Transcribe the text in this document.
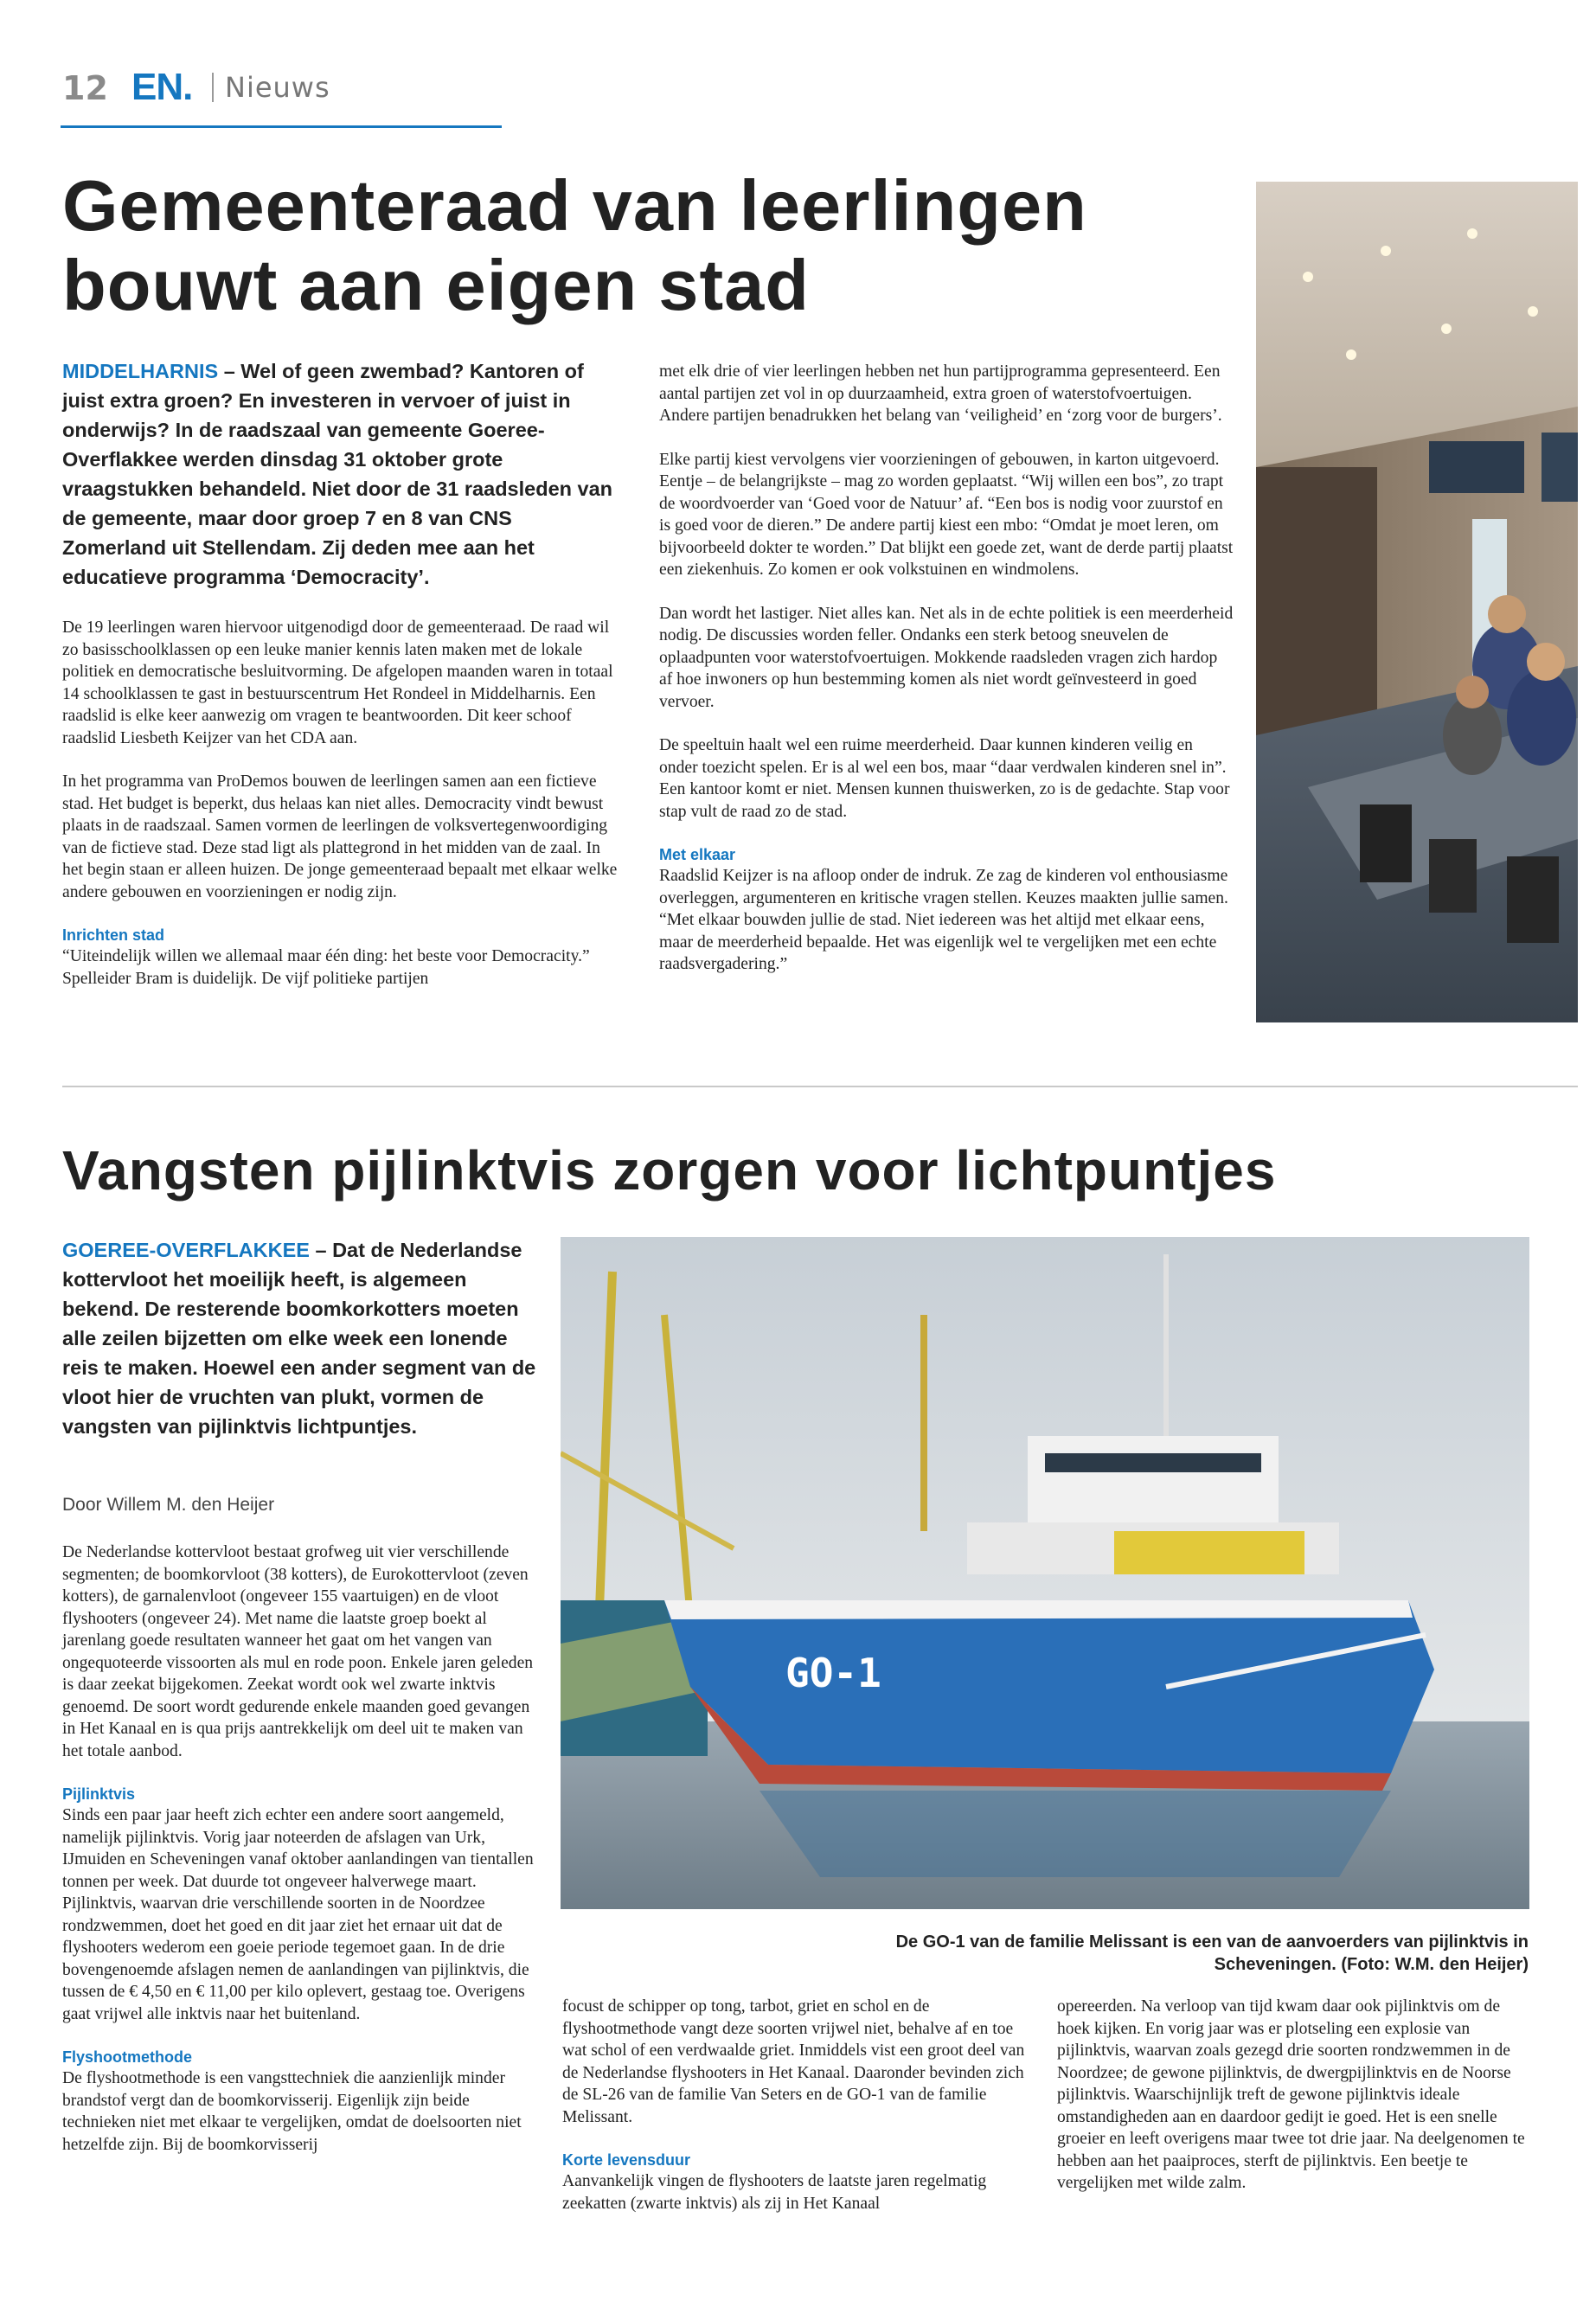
12 EN. Nieuws
Gemeenteraad van leerlingen
bouwt aan eigen stad
MIDDELHARNIS – Wel of geen zwembad? Kantoren of juist extra groen? En investeren in vervoer of juist in onderwijs? In de raadszaal van gemeente Goeree-Overflakkee werden dinsdag 31 oktober grote vraagstukken behandeld. Niet door de 31 raadsleden van de gemeente, maar door groep 7 en 8 van CNS Zomerland uit Stellendam. Zij deden mee aan het educatieve programma ‘Democracity’.

De 19 leerlingen waren hiervoor uitgenodigd door de gemeenteraad. De raad wil zo basisschoolklassen op een leuke manier kennis laten maken met de lokale politiek en democratische besluitvorming. De afgelopen maanden waren in totaal 14 schoolklassen te gast in bestuurscentrum Het Rondeel in Middelharnis. Een raadslid is elke keer aanwezig om vragen te beantwoorden. Dit keer schoof raadslid Liesbeth Keijzer van het CDA aan.

In het programma van ProDemos bouwen de leerlingen samen aan een fictieve stad. Het budget is beperkt, dus helaas kan niet alles. Democracity vindt bewust plaats in de raadszaal. Samen vormen de leerlingen de volksvertegenwoordiging van de fictieve stad. Deze stad ligt als plattegrond in het midden van de zaal. In het begin staan er alleen huizen. De jonge gemeenteraad bepaalt met elkaar welke andere gebouwen en voorzieningen er nodig zijn.

Inrichten stad

“Uiteindelijk willen we allemaal maar één ding: het beste voor Democracity.” Spelleider Bram is duidelijk. De vijf politieke partijen

met elk drie of vier leerlingen hebben net hun partijprogramma gepresenteerd. Een aantal partijen zet vol in op duurzaamheid, extra groen of waterstofvoertuigen. Andere partijen benadrukken het belang van ‘veiligheid’ en ‘zorg voor de burgers’.

Elke partij kiest vervolgens vier voorzieningen of gebouwen, in karton uitgevoerd. Eentje – de belangrijkste – mag zo worden geplaatst. “Wij willen een bos”, zo trapt de woordvoerder van ‘Goed voor de Natuur’ af. “Een bos is nodig voor zuurstof en is goed voor de dieren.” De andere partij kiest een mbo: “Omdat je moet leren, om bijvoorbeeld dokter te worden.” Dat blijkt een goede zet, want de derde partij plaatst een ziekenhuis. Zo komen er ook volkstuinen en windmolens.

Dan wordt het lastiger. Niet alles kan. Net als in de echte politiek is een meerderheid nodig. De discussies worden feller. Ondanks een sterk betoog sneuvelen de oplaadpunten voor waterstofvoertuigen. Mokkende raadsleden vragen zich hardop af hoe inwoners op hun bestemming komen als niet wordt geïnvesteerd in goed vervoer.

De speeltuin haalt wel een ruime meerderheid. Daar kunnen kinderen veilig en onder toezicht spelen. Er is al wel een bos, maar “daar verdwalen kinderen snel in”. Een kantoor komt er niet. Mensen kunnen thuiswerken, zo is de gedachte. Stap voor stap vult de raad zo de stad.

Met elkaar

Raadslid Keijzer is na afloop onder de indruk. Ze zag de kinderen vol enthousiasme overleggen, argumenteren en kritische vragen stellen. Keuzes maakten jullie samen. “Met elkaar bouwden jullie de stad. Niet iedereen was het altijd met elkaar eens, maar de meerderheid bepaalde. Het was eigenlijk wel te vergelijken met een echte raadsvergadering.”

Vangsten pijlinktvis zorgen voor lichtpuntjes
GOEREE-OVERFLAKKEE – Dat de Nederlandse kottervloot het moeilijk heeft, is algemeen bekend. De resterende boomkorkotters moeten alle zeilen bijzetten om elke week een lonende reis te maken. Hoewel een ander segment van de vloot hier de vruchten van plukt, vormen de vangsten van pijlinktvis lichtpuntjes.
Door Willem M. den Heijer

De Nederlandse kottervloot bestaat grofweg uit vier verschillende segmenten; de boomkorvloot (38 kotters), de Eurokottervloot (zeven kotters), de garnalenvloot (ongeveer 155 vaartuigen) en de vloot flyshooters (ongeveer 24). Met name die laatste groep boekt al jarenlang goede resultaten wanneer het gaat om het vangen van ongequoteerde vissoorten als mul en rode poon. Enkele jaren geleden is daar zeekat bijgekomen. Zeekat wordt ook wel zwarte inktvis genoemd. De soort wordt gedurende enkele maanden goed gevangen in Het Kanaal en is qua prijs aantrekkelijk om deel uit te maken van het totale aanbod.

Pijlinktvis

Sinds een paar jaar heeft zich echter een andere soort aangemeld, namelijk pijlinktvis. Vorig jaar noteerden de afslagen van Urk, IJmuiden en Scheveningen vanaf oktober aanlandingen van tientallen tonnen per week. Dat duurde tot ongeveer halverwege maart. Pijlinktvis, waarvan drie verschillende soorten in de Noordzee rondzwemmen, doet het goed en dit jaar ziet het ernaar uit dat de flyshooters wederom een goeie periode tegemoet gaan. In de drie bovengenoemde afslagen nemen de aanlandingen van pijlinktvis, die tussen de € 4,50 en € 11,00 per kilo oplevert, gestaag toe. Overigens gaat vrijwel alle inktvis naar het buitenland.

Flyshootmethode

De flyshootmethode is een vangsttechniek die aanzienlijk minder brandstof vergt dan de boomkorvisserij. Eigenlijk zijn beide technieken niet met elkaar te vergelijken, omdat de doelsoorten niet hetzelfde zijn. Bij de boomkorvisserij

GO-1
De GO-1 van de familie Melissant is een van de aanvoerders van pijlinktvis in Scheveningen. (Foto: W.M. den Heijer)

focust de schipper op tong, tarbot, griet en schol en de flyshootmethode vangt deze soorten vrijwel niet, behalve af en toe wat schol of een verdwaalde griet. Inmiddels vist een groot deel van de Nederlandse flyshooters in Het Kanaal. Daaronder bevinden zich de SL-26 van de familie Van Seters en de GO-1 van de familie Melissant.

Korte levensduur

Aanvankelijk vingen de flyshooters de laatste jaren regelmatig zeekatten (zwarte inktvis) als zij in Het Kanaal

opereerden. Na verloop van tijd kwam daar ook pijlinktvis om de hoek kijken. En vorig jaar was er plotseling een explosie van pijlinktvis, waarvan zoals gezegd drie soorten rondzwemmen in de Noordzee; de gewone pijlinktvis, de dwergpijlinktvis en de Noorse pijlinktvis. Waarschijnlijk treft de gewone pijlinktvis ideale omstandigheden aan en daardoor gedijt ie goed. Het is een snelle groeier en leeft overigens maar twee tot drie jaar. Na deelgenomen te hebben aan het paaiproces, sterft de pijlinktvis. Een beetje te vergelijken met wilde zalm.
